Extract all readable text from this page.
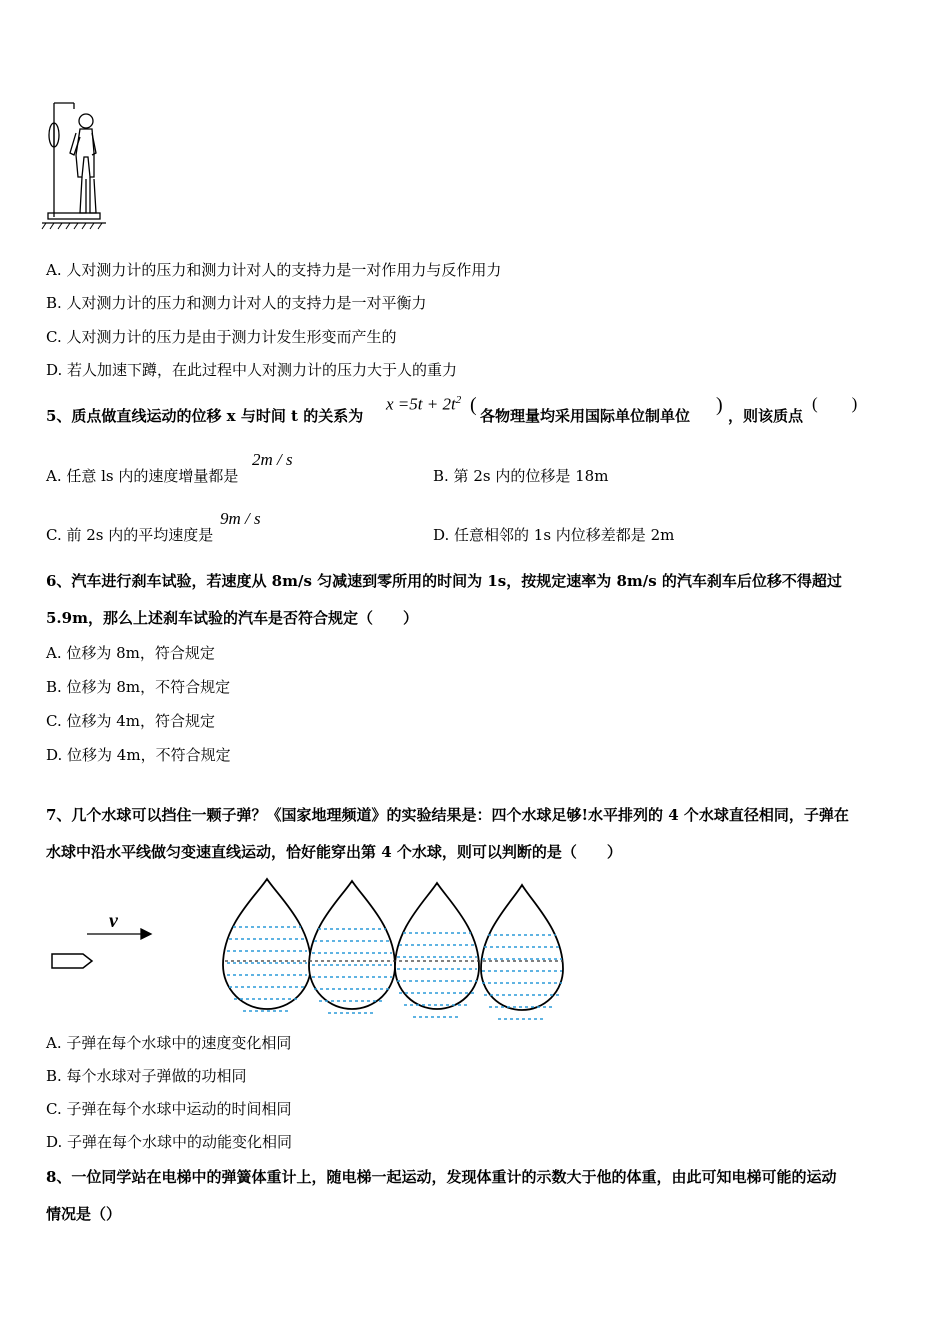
A. 人对测力计的压力和测力计对人的支持力是一对作用力与反作用力
B. 人对测力计的压力和测力计对人的支持力是一对平衡力
C. 人对测力计的压力是由于测力计发生形变而产生的
D. 若人加速下蹲，在此过程中人对测力计的压力大于人的重力
5、质点做直线运动的位移 x 与时间 t 的关系为
$x =5t + 2t^2$ ( 各物理量均采用国际单位制单位 ) ，则该质点
(        )
A. 任意 ls 内的速度增量都是
2m / s
B. 第 2s 内的位移是 18m
C. 前 2s 内的平均速度是
9m / s
D. 任意相邻的 1s 内位移差都是 2m
6、汽车进行刹车试验，若速度从 8m/s 匀减速到零所用的时间为 1s，按规定速率为 8m/s 的汽车刹车后位移不得超过
5.9m，那么上述刹车试验的汽车是否符合规定（　　）
A. 位移为 8m，符合规定
B. 位移为 8m，不符合规定
C. 位移为 4m，符合规定
D. 位移为 4m，不符合规定
7、几个水球可以挡住一颗子弹？《国家地理频道》的实验结果是：四个水球足够!水平排列的 4 个水球直径相同，子弹在
水球中沿水平线做匀变速直线运动，恰好能穿出第 4 个水球，则可以判断的是（　　）
v
A. 子弹在每个水球中的速度变化相同
B. 每个水球对子弹做的功相同
C. 子弹在每个水球中运动的时间相同
D. 子弹在每个水球中的动能变化相同
8、一位同学站在电梯中的弹簧体重计上，随电梯一起运动，发现体重计的示数大于他的体重，由此可知电梯可能的运动
情况是（）
